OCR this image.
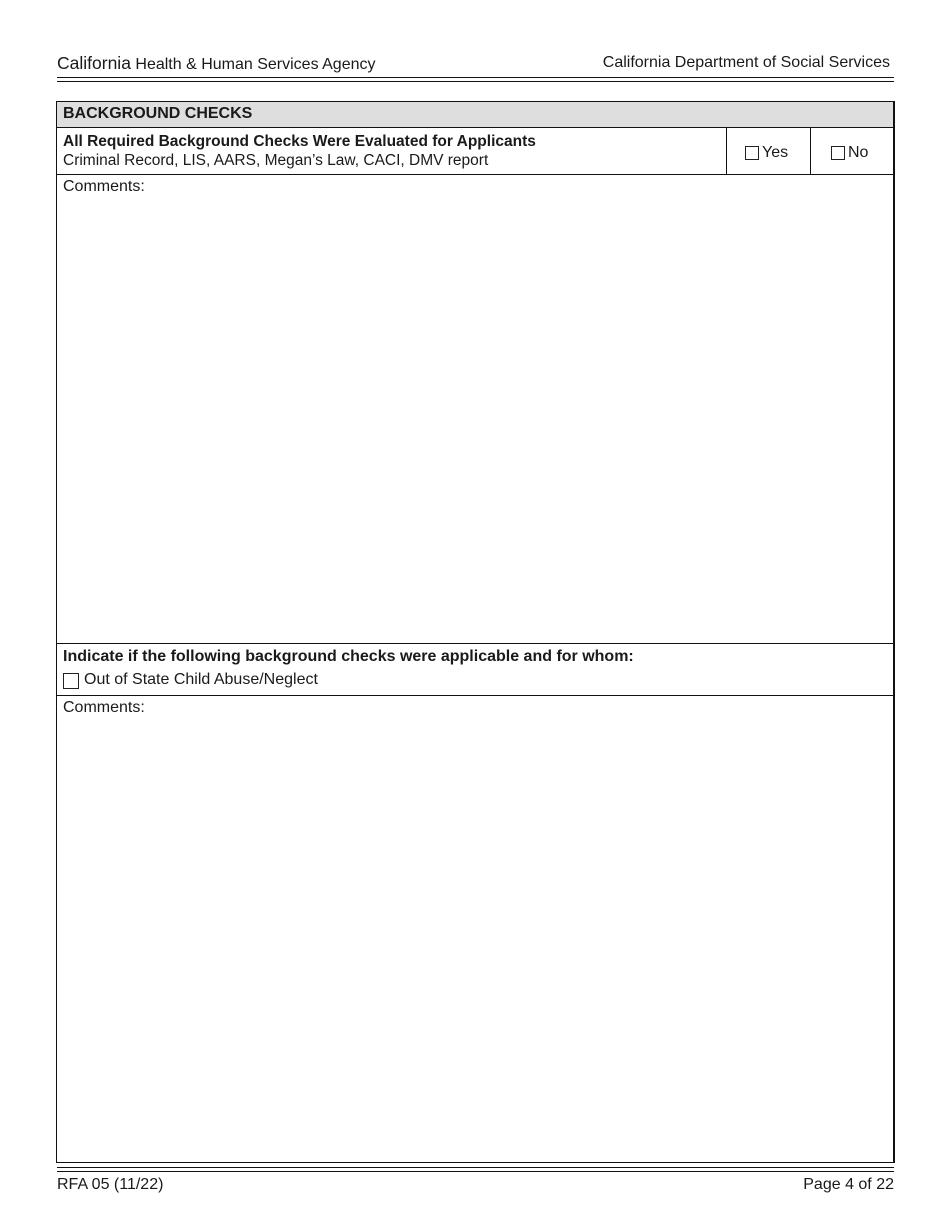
California Health & Human Services Agency	California Department of Social Services
BACKGROUND CHECKS
All Required Background Checks Were Evaluated for Applicants
Criminal Record, LIS, AARS, Megan’s Law, CACI, DMV report	Yes	No
Comments:
Indicate if the following background checks were applicable and for whom:
Out of State Child Abuse/Neglect
Comments:
RFA 05 (11/22)	Page 4 of 22
